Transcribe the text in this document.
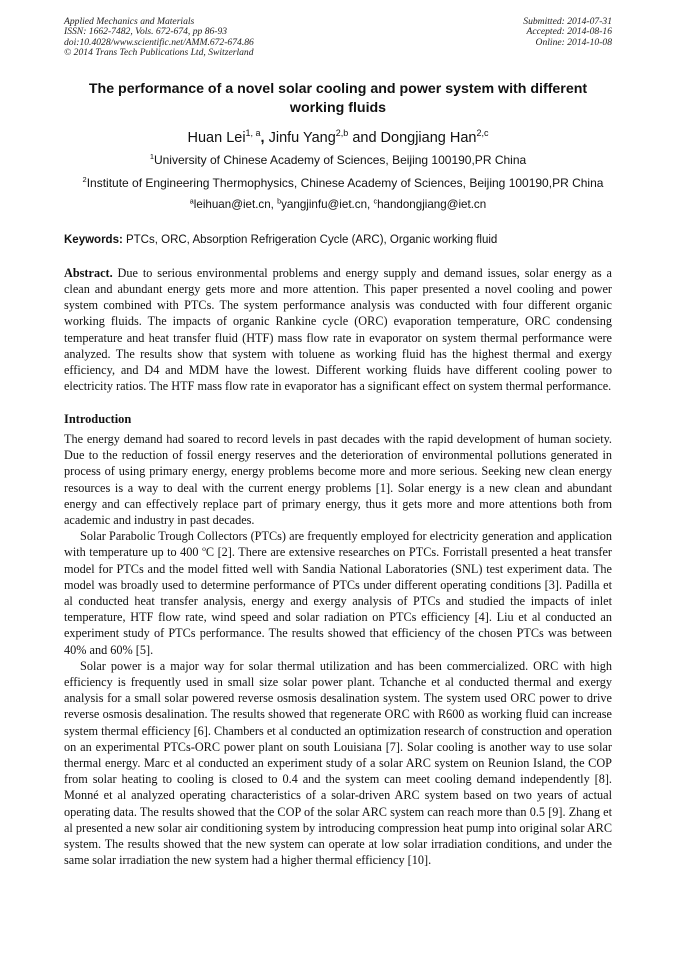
Applied Mechanics and Materials
ISSN: 1662-7482, Vols. 672-674, pp 86-93
doi:10.4028/www.scientific.net/AMM.672-674.86
© 2014 Trans Tech Publications Ltd, Switzerland
Submitted: 2014-07-31
Accepted: 2014-08-16
Online: 2014-10-08
The performance of a novel solar cooling and power system with different working fluids
Huan Lei$^{1, a}$, Jinfu Yang$^{2,b}$ and Dongjiang Han$^{2,c}$
$^1$University of Chinese Academy of Sciences, Beijing 100190,PR China
$^2$Institute of Engineering Thermophysics, Chinese Academy of Sciences, Beijing 100190,PR China
$^a$leihuan@iet.cn, $^b$yangjinfu@iet.cn, $^c$handongjiang@iet.cn
Keywords: PTCs, ORC, Absorption Refrigeration Cycle (ARC), Organic working fluid
Abstract. Due to serious environmental problems and energy supply and demand issues, solar energy as a clean and abundant energy gets more and more attention. This paper presented a novel cooling and power system combined with PTCs. The system performance analysis was conducted with four different organic working fluids. The impacts of organic Rankine cycle (ORC) evaporation temperature, ORC condensing temperature and heat transfer fluid (HTF) mass flow rate in evaporator on system thermal performance were analyzed. The results show that system with toluene as working fluid has the highest thermal and exergy efficiency, and D4 and MDM have the lowest. Different working fluids have different cooling power to electricity ratios. The HTF mass flow rate in evaporator has a significant effect on system thermal performance.
Introduction

The energy demand had soared to record levels in past decades with the rapid development of human society. Due to the reduction of fossil energy reserves and the deterioration of environmental pollutions generated in process of using primary energy, energy problems become more and more serious. Seeking new clean energy resources is a way to deal with the current energy problems [1]. Solar energy is a new clean and abundant energy and can effectively replace part of primary energy, thus it gets more and more attentions both from academic and industry in past decades.

Solar Parabolic Trough Collectors (PTCs) are frequently employed for electricity generation and application with temperature up to 400 $^o$C [2]. There are extensive researches on PTCs. Forristall presented a heat transfer model for PTCs and the model fitted well with Sandia National Laboratories (SNL) test experiment data. The model was broadly used to determine performance of PTCs under different operating conditions [3]. Padilla et al conducted heat transfer analysis, energy and exergy analysis of PTCs and studied the impacts of inlet temperature, HTF flow rate, wind speed and solar radiation on PTCs efficiency [4]. Liu et al conducted an experiment study of PTCs performance. The results showed that efficiency of the chosen PTCs was between 40% and 60% [5].

Solar power is a major way for solar thermal utilization and has been commercialized. ORC with high efficiency is frequently used in small size solar power plant. Tchanche et al conducted thermal and exergy analysis for a small solar powered reverse osmosis desalination system. The system used ORC power to drive reverse osmosis desalination. The results showed that regenerate ORC with R600 as working fluid can increase system thermal efficiency [6]. Chambers et al conducted an optimization research of construction and operation on an experimental PTCs-ORC power plant on south Louisiana [7]. Solar cooling is another way to use solar thermal energy. Marc et al conducted an experiment study of a solar ARC system on Reunion Island, the COP from solar heating to cooling is closed to 0.4 and the system can meet cooling demand independently [8]. Monné et al analyzed operating characteristics of a solar-driven ARC system based on two years of actual operating data. The results showed that the COP of the solar ARC system can reach more than 0.5 [9]. Zhang et al presented a new solar air conditioning system by introducing compression heat pump into original solar ARC system. The results showed that the new system can operate at low solar irradiation conditions, and under the same solar irradiation the new system had a higher thermal efficiency [10].
